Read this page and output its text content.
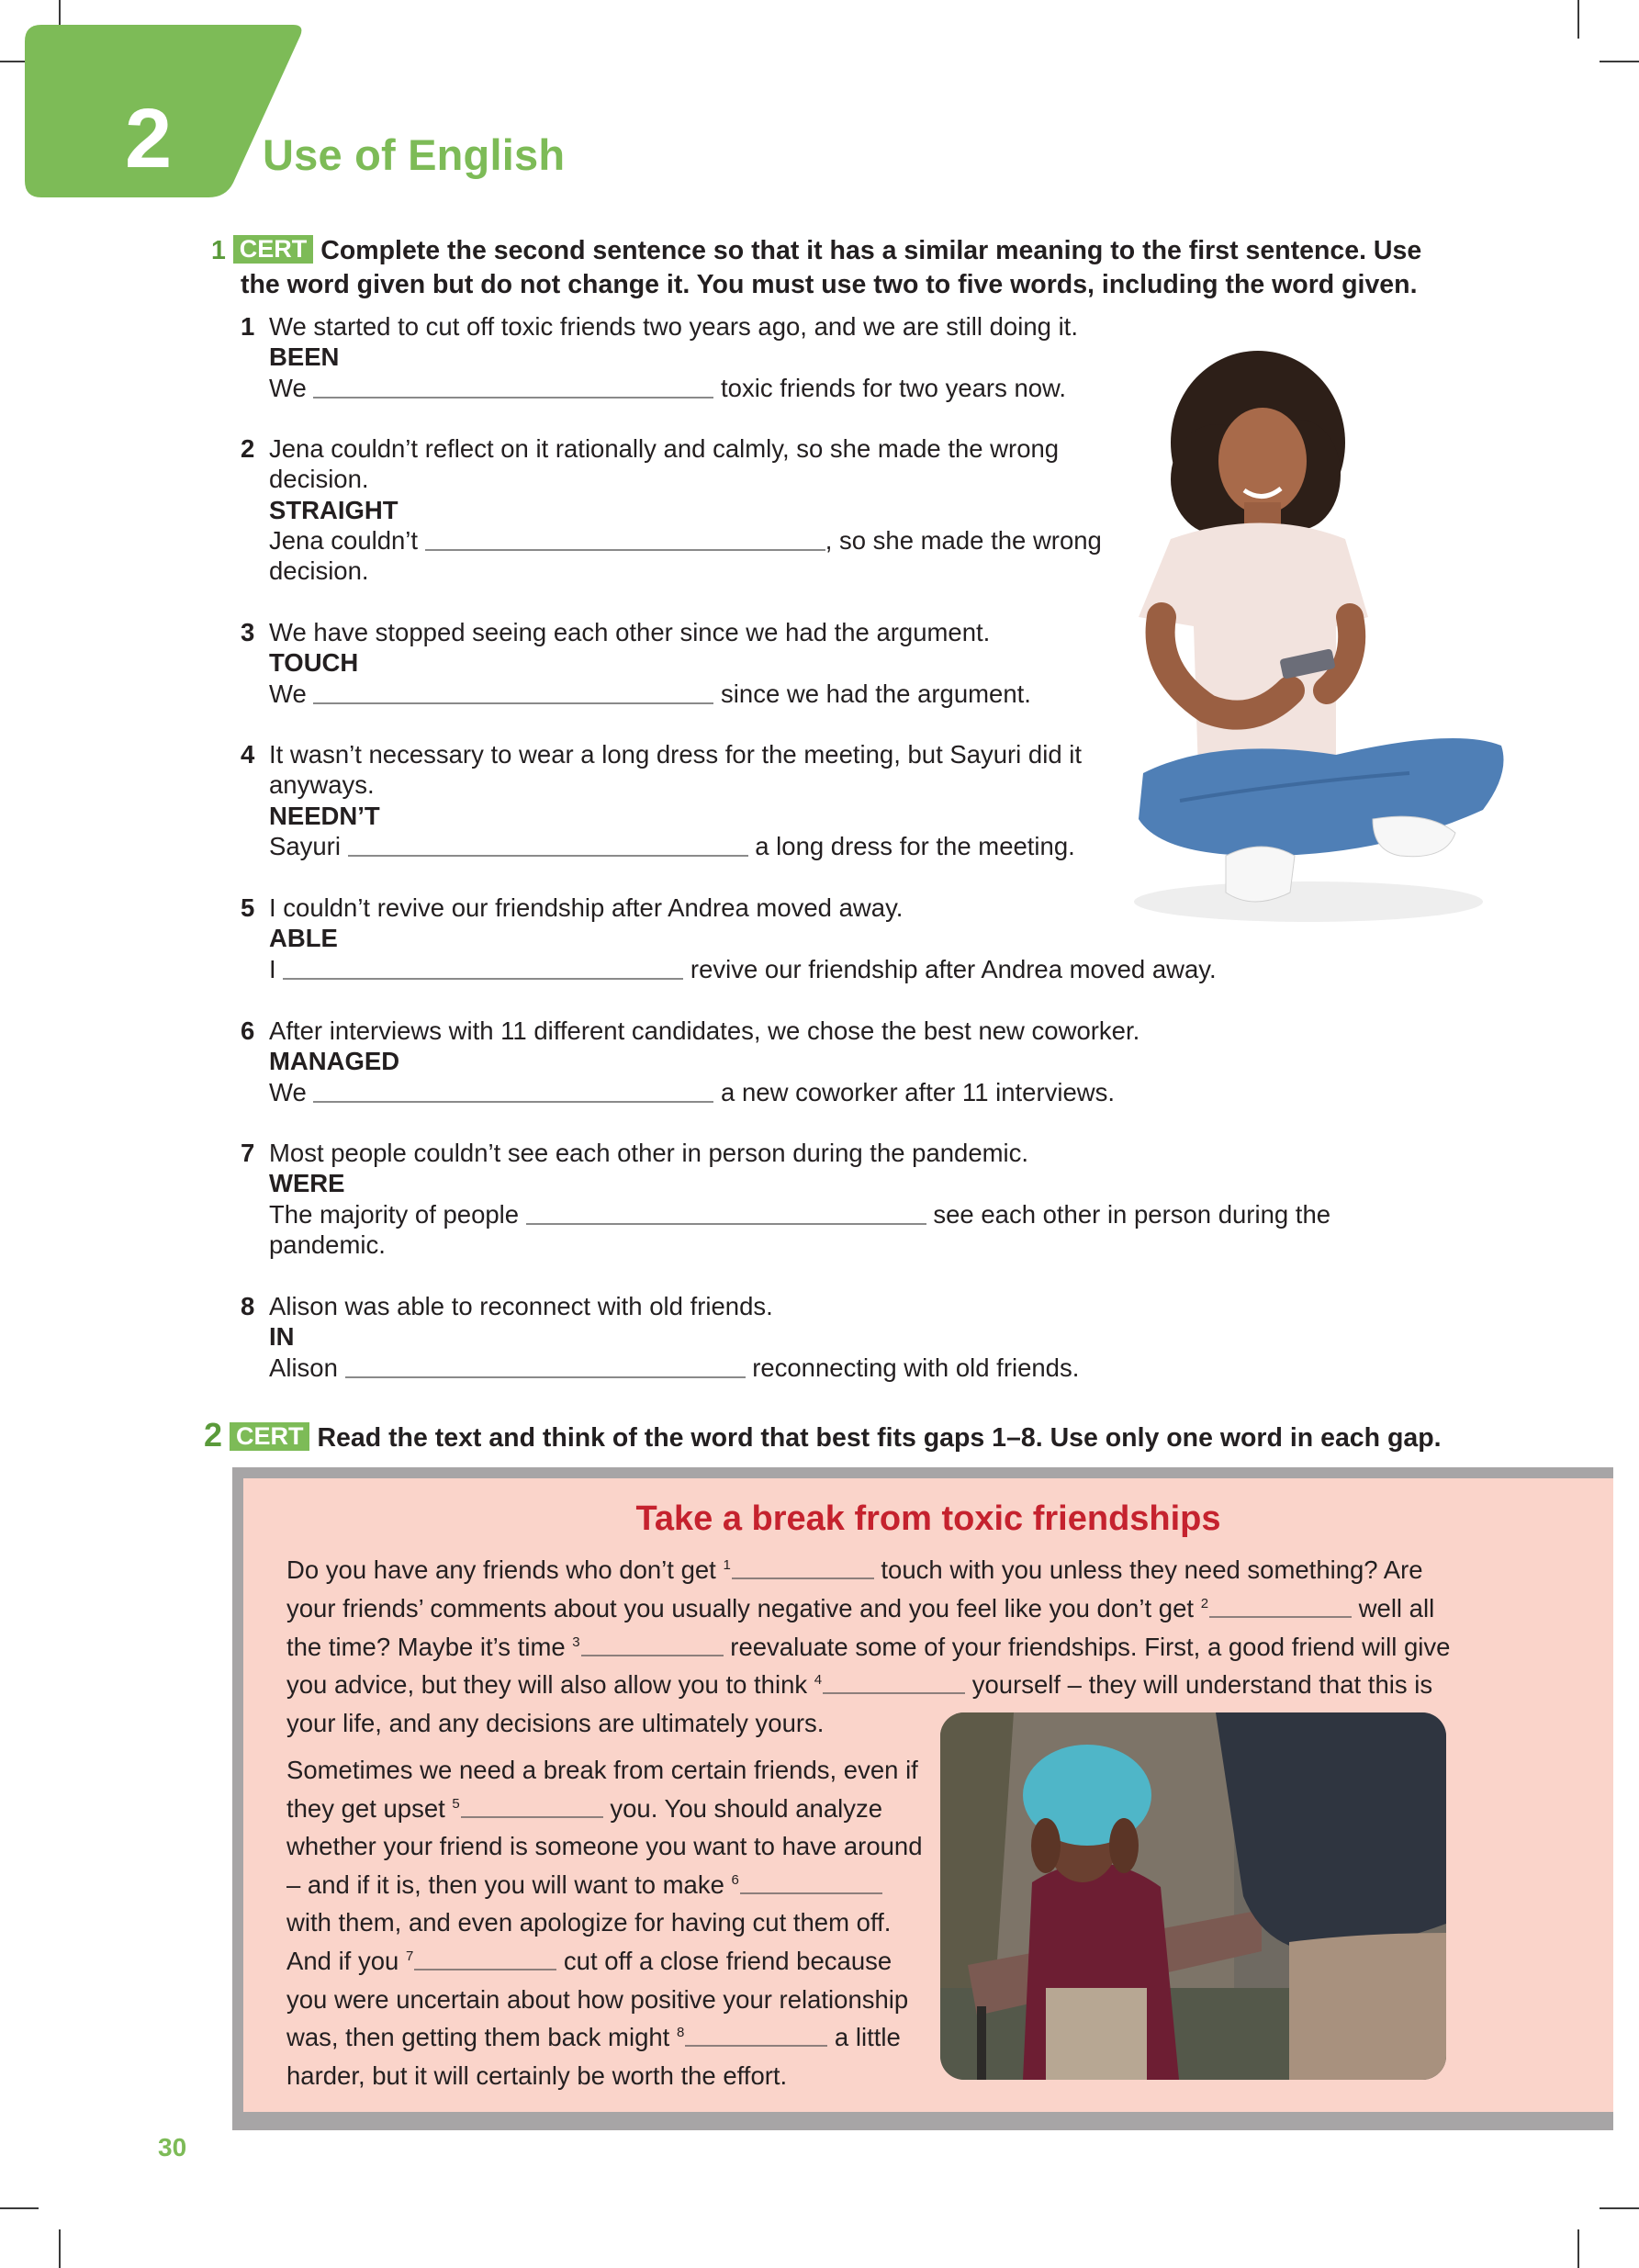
2 Use of English
1 CERT Complete the second sentence so that it has a similar meaning to the first sentence. Use
the word given but do not change it. You must use two to five words, including the word given.
1 We started to cut off toxic friends two years ago, and we are still doing it.
BEEN
We	toxic friends for two years now.
2 Jena couldn’t reflect on it rationally and calmly, so she made the wrong
decision.
STRAIGHT
Jena couldn’t	, so she made the wrong
decision.
3 We have stopped seeing each other since we had the argument.
TOUCH
We	since we had the argument.
4 It wasn’t necessary to wear a long dress for the meeting, but Sayuri did it
anyways.
NEEDN’T
Sayuri	a long dress for the meeting.
5 I couldn’t revive our friendship after Andrea moved away.
ABLE
I	revive our friendship after Andrea moved away.
6 After interviews with 11 different candidates, we chose the best new coworker.
MANAGED
We	a new coworker after 11 interviews.
7 Most people couldn’t see each other in person during the pandemic.
WERE
The majority of people	see each other in person during the
pandemic.
8 Alison was able to reconnect with old friends.
IN
Alison	reconnecting with old friends.
2 CERT Read the text and think of the word that best fits gaps 1–8. Use only one word in each gap.
Take a break from toxic friendships
Do you have any friends who don’t get $^1$	touch with you unless they need something? Are your friends’ comments about you usually negative and you feel like you don’t get $^2$	well all the time? Maybe it’s time $^3$	reevaluate some of your friendships. First, a good friend will give you advice, but they will also allow you to think $^4$	yourself – they will understand that this is your life, and any decisions are ultimately yours.
Sometimes we need a break from certain friends, even if they get upset $^5$	you. You should analyze whether your friend is someone you want to have around – and if it is, then you will want to make $^6$ with them, and even apologize for having cut them off. And if you $^7$	cut off a close friend because you were uncertain about how positive your relationship was, then getting them back might $^8$	a little harder, but it will certainly be worth the effort.
30
